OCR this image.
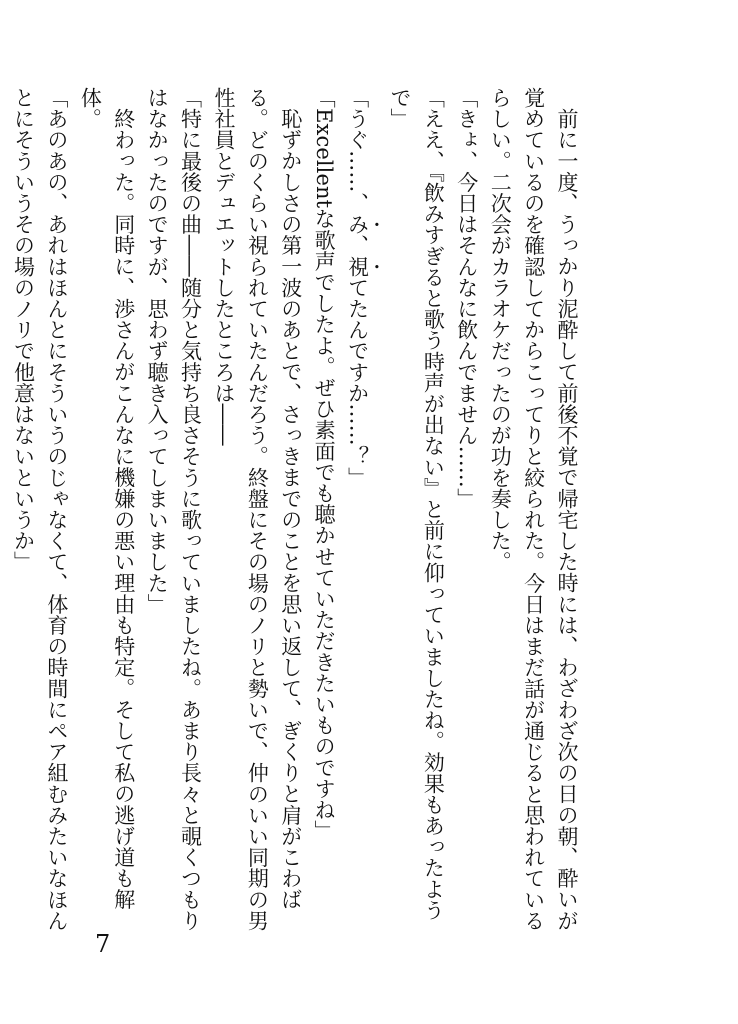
前に一度、うっかり泥酔して前後不覚で帰宅した時には、わざわざ次の日の朝、酔いが覚めているのを確認してからこってりと絞られた。今日はまだ話が通じると思われているらしい。二次会がカラオケだったのが功を奏した。

「きょ、今日はそんなに飲んでません……」

「ええ、『飲みすぎると歌う時声が出ない』と前に仰っていましたね。効果もあったようで」

「うぐ……、み、視てたんですか……？」

「Excellentな歌声でしたよ。ぜひ素面でも聴かせていただきたいものですね」

恥ずかしさの第一波のあとで、さっきまでのことを思い返して、ぎくりと肩がこわばる。どのくらい視られていたんだろう。終盤にその場のノリと勢いで、仲のいい同期の男性社員とデュエットしたところは――

「特に最後の曲――随分と気持ち良さそうに歌っていましたね。あまり長々と覗くつもりはなかったのですが、思わず聴き入ってしまいました」

終わった。同時に、渉さんがこんなに機嫌の悪い理由も特定。そして私の逃げ道も解体。

「あのあの、あれはほんとにそういうのじゃなくて、体育の時間にペア組むみたいなほんとにそういうその場のノリで他意はないというか」

7
